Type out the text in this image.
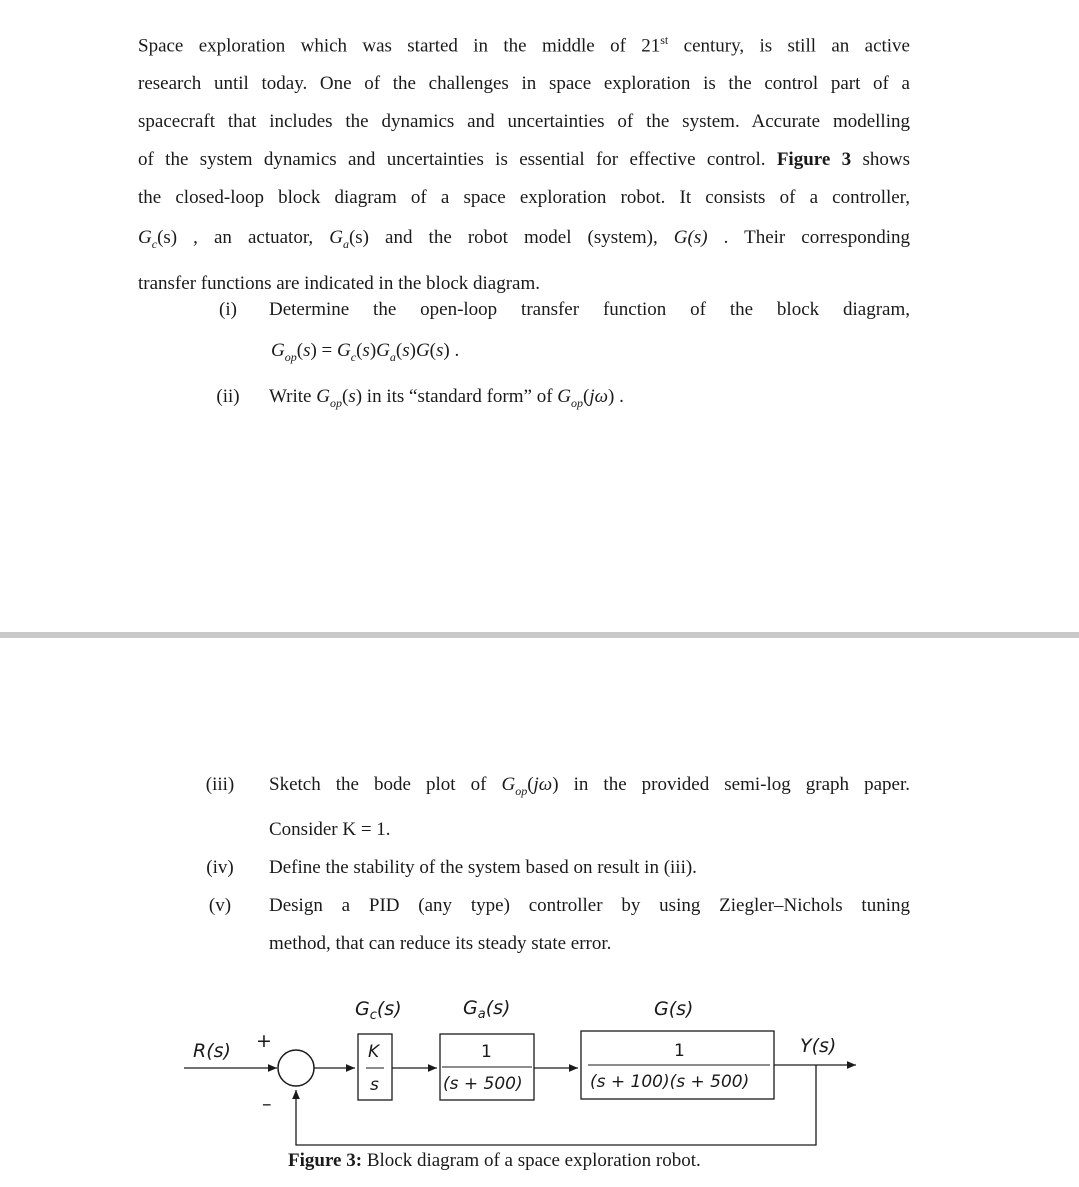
Space exploration which was started in the middle of 21st century, is still an active
research until today. One of the challenges in space exploration is the control part of a
spacecraft that includes the dynamics and uncertainties of the system. Accurate modelling
of the system dynamics and uncertainties is essential for effective control. Figure 3 shows
the closed-loop block diagram of a space exploration robot. It consists of a controller,
$G_c(s)$ , an actuator, $G_a(s)$ and the robot model (system), G(s) . Their corresponding
transfer functions are indicated in the block diagram.
(i)	Determine the open-loop transfer function of the block diagram,
$G_{op}(s) = G_c(s)G_a(s)G(s)$ .
(ii)	Write $G_{op}(s)$ in its “standard form” of $G_{op}(j\omega)$ .
(iii)	Sketch the bode plot of $G_{op}(j\omega)$ in the provided semi-log graph paper.
Consider K = 1.
(iv)	Define the stability of the system based on result in (iii).
(v)	Design a PID (any type) controller by using Ziegler–Nichols tuning
method, that can reduce its steady state error.
R(s) +
–
Y(s)
$G_c(s)$	$G_a(s)$	G(s)
K
s
1
(s + 500)
1
(s + 100)(s + 500)
Figure 3: Block diagram of a space exploration robot.
